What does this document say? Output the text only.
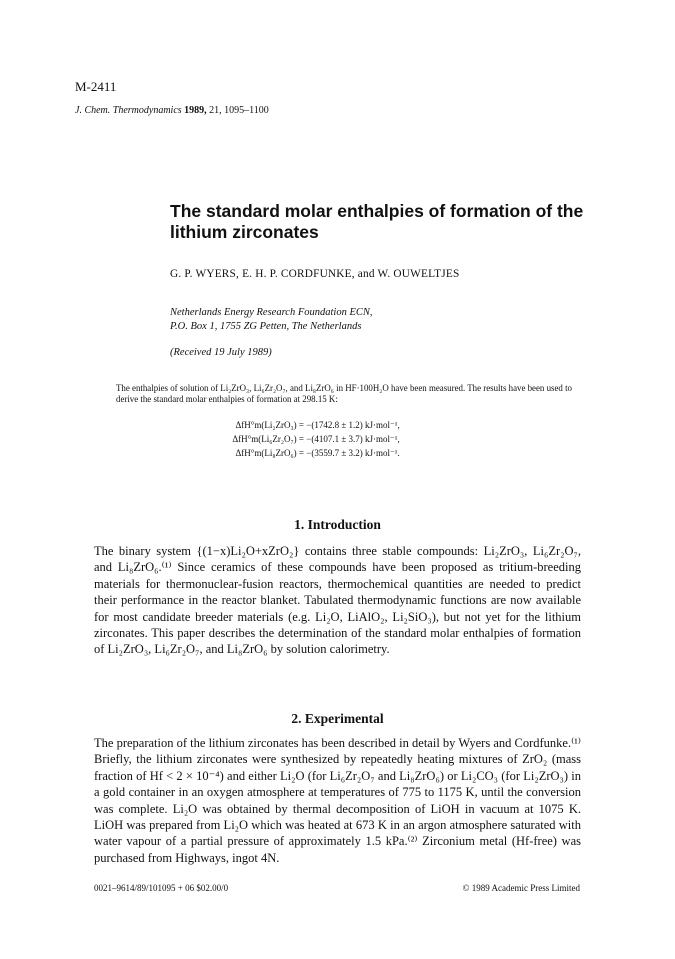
M-2411
J. Chem. Thermodynamics 1989, 21, 1095–1100
The standard molar enthalpies of formation of the lithium zirconates
G. P. WYERS, E. H. P. CORDFUNKE, and W. OUWELTJES
Netherlands Energy Research Foundation ECN,
P.O. Box 1, 1755 ZG Petten, The Netherlands
(Received 19 July 1989)
The enthalpies of solution of Li₂ZrO₃, Li₆Zr₂O₇, and Li₈ZrO₆ in HF·100H₂O have been measured. The results have been used to derive the standard molar enthalpies of formation at 298.15 K:
ΔfH°m(Li₂ZrO₃) = −(1742.8 ± 1.2) kJ·mol⁻¹,
ΔfH°m(Li₆Zr₂O₇) = −(4107.1 ± 3.7) kJ·mol⁻¹,
ΔfH°m(Li₈ZrO₆) = −(3559.7 ± 3.2) kJ·mol⁻¹.
1. Introduction
The binary system {(1−x)Li₂O+xZrO₂} contains three stable compounds: Li₂ZrO₃, Li₆Zr₂O₇, and Li₈ZrO₆.⁽¹⁾ Since ceramics of these compounds have been proposed as tritium-breeding materials for thermonuclear-fusion reactors, thermochemical quantities are needed to predict their performance in the reactor blanket. Tabulated thermodynamic functions are now available for most candidate breeder materials (e.g. Li₂O, LiAlO₂, Li₂SiO₃), but not yet for the lithium zirconates. This paper describes the determination of the standard molar enthalpies of formation of Li₂ZrO₃, Li₆Zr₂O₇, and Li₈ZrO₆ by solution calorimetry.
2. Experimental
The preparation of the lithium zirconates has been described in detail by Wyers and Cordfunke.⁽¹⁾ Briefly, the lithium zirconates were synthesized by repeatedly heating mixtures of ZrO₂ (mass fraction of Hf < 2 × 10⁻⁴) and either Li₂O (for Li₆Zr₂O₇ and Li₈ZrO₆) or Li₂CO₃ (for Li₂ZrO₃) in a gold container in an oxygen atmosphere at temperatures of 775 to 1175 K, until the conversion was complete. Li₂O was obtained by thermal decomposition of LiOH in vacuum at 1075 K. LiOH was prepared from Li₂O which was heated at 673 K in an argon atmosphere saturated with water vapour of a partial pressure of approximately 1.5 kPa.⁽²⁾ Zirconium metal (Hf-free) was purchased from Highways, ingot 4N.
0021–9614/89/101095 + 06 $02.00/0	© 1989 Academic Press Limited
